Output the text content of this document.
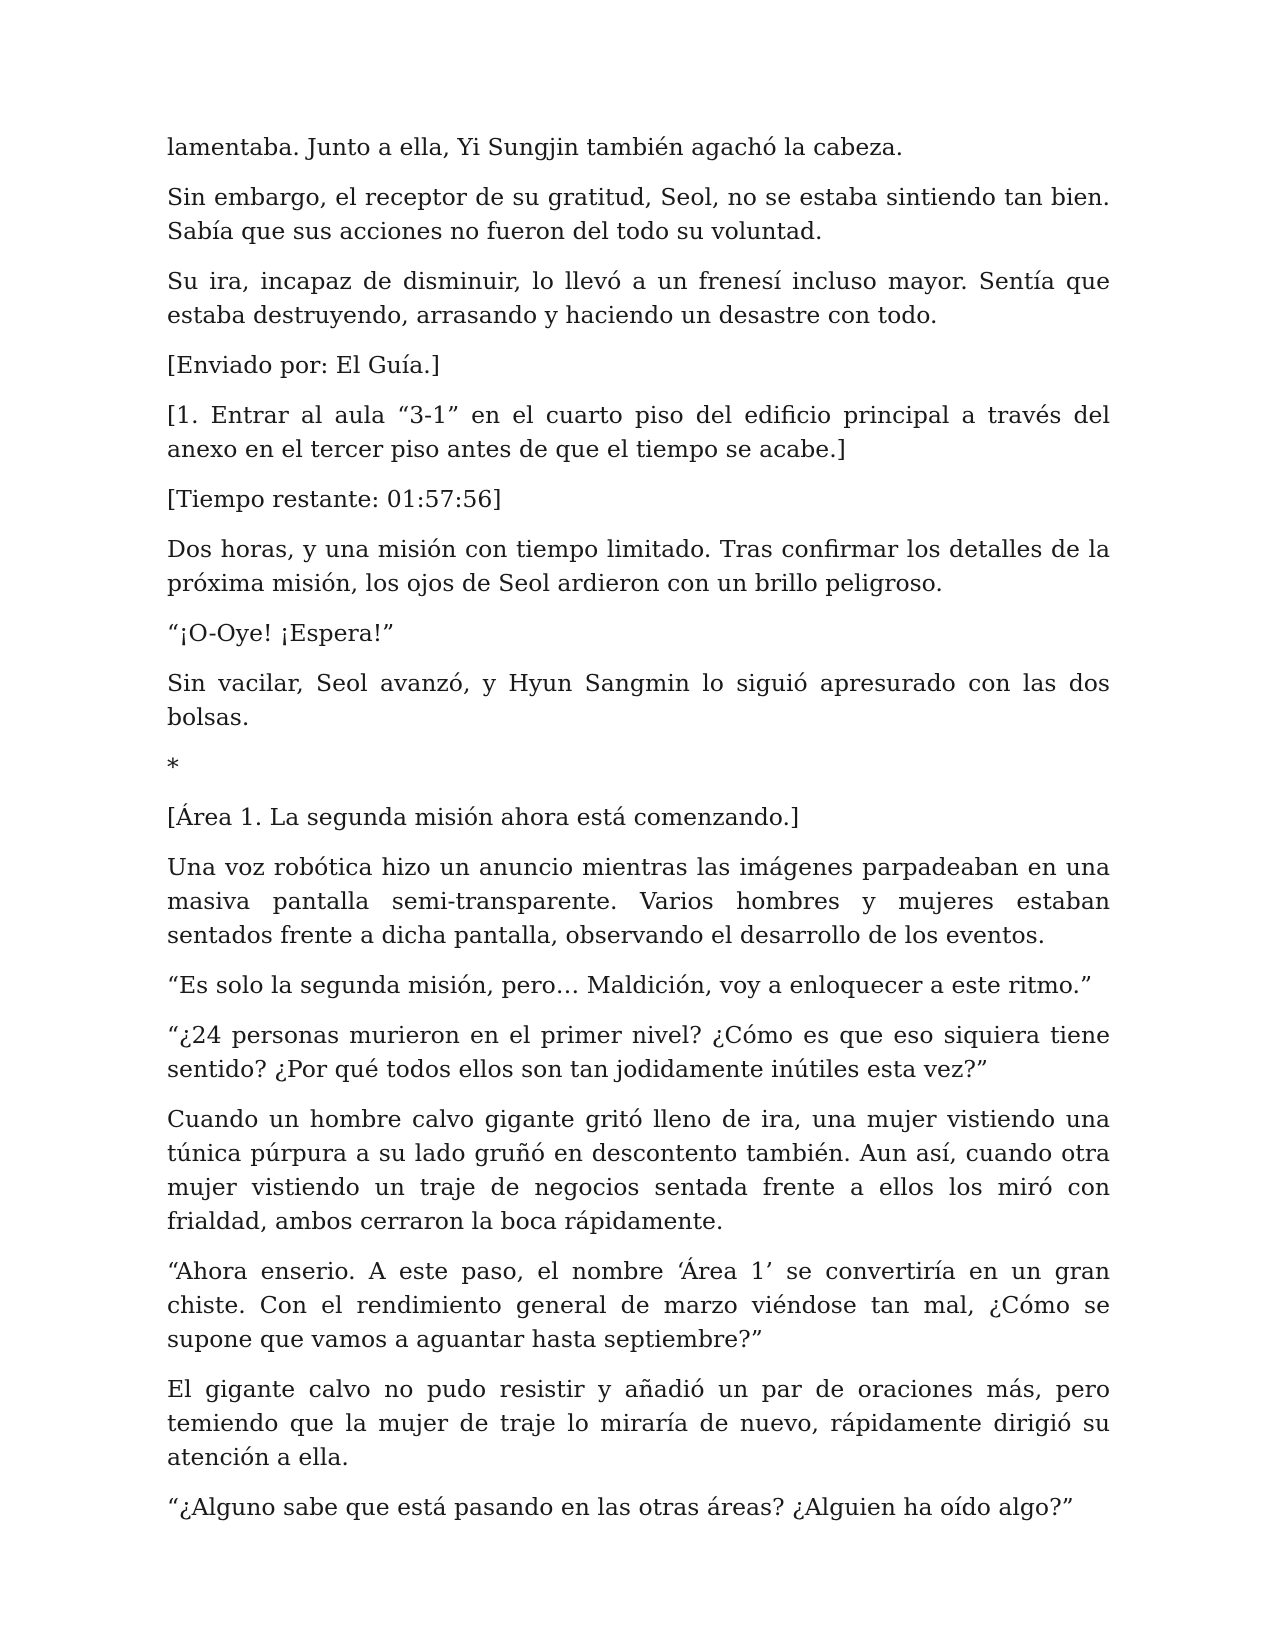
lamentaba. Junto a ella, Yi Sungjin también agachó la cabeza.

Sin embargo, el receptor de su gratitud, Seol, no se estaba sintiendo tan bien. Sabía que sus acciones no fueron del todo su voluntad.

Su ira, incapaz de disminuir, lo llevó a un frenesí incluso mayor. Sentía que estaba destruyendo, arrasando y haciendo un desastre con todo.

[Enviado por: El Guía.]

[1. Entrar al aula “3-1” en el cuarto piso del edificio principal a través del anexo en el tercer piso antes de que el tiempo se acabe.]

[Tiempo restante: 01:57:56]

Dos horas, y una misión con tiempo limitado. Tras confirmar los detalles de la próxima misión, los ojos de Seol ardieron con un brillo peligroso.

“¡O-Oye! ¡Espera!”

Sin vacilar, Seol avanzó, y Hyun Sangmin lo siguió apresurado con las dos bolsas.

*

[Área 1. La segunda misión ahora está comenzando.]

Una voz robótica hizo un anuncio mientras las imágenes parpadeaban en una masiva pantalla semi-transparente. Varios hombres y mujeres estaban sentados frente a dicha pantalla, observando el desarrollo de los eventos.

“Es solo la segunda misión, pero… Maldición, voy a enloquecer a este ritmo.”

“¿24 personas murieron en el primer nivel? ¿Cómo es que eso siquiera tiene sentido? ¿Por qué todos ellos son tan jodidamente inútiles esta vez?”

Cuando un hombre calvo gigante gritó lleno de ira, una mujer vistiendo una túnica púrpura a su lado gruñó en descontento también. Aun así, cuando otra mujer vistiendo un traje de negocios sentada frente a ellos los miró con frialdad, ambos cerraron la boca rápidamente.

“Ahora enserio. A este paso, el nombre ‘Área 1’ se convertiría en un gran chiste. Con el rendimiento general de marzo viéndose tan mal, ¿Cómo se supone que vamos a aguantar hasta septiembre?”

El gigante calvo no pudo resistir y añadió un par de oraciones más, pero temiendo que la mujer de traje lo miraría de nuevo, rápidamente dirigió su atención a ella.

“¿Alguno sabe que está pasando en las otras áreas? ¿Alguien ha oído algo?”
